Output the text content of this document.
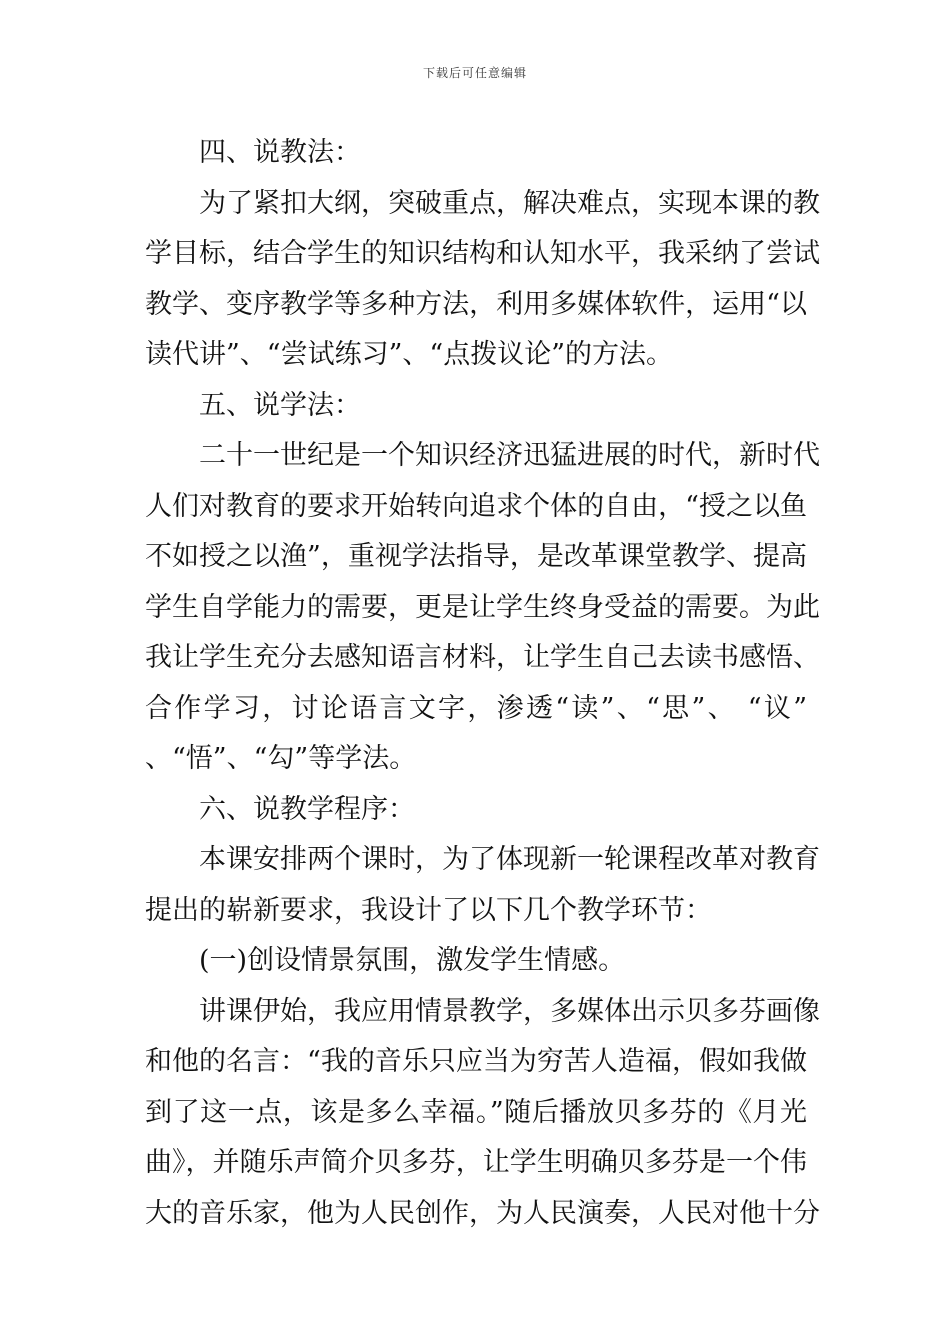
下载后可任意编辑
四、说教法：
为了紧扣大纲，突破重点，解决难点，实现本课的教
学目标，结合学生的知识结构和认知水平，我采纳了尝试
教学、变序教学等多种方法，利用多媒体软件，运用“以
读代讲”、“尝试练习”、“点拨议论”的方法。
五、说学法：
二十一世纪是一个知识经济迅猛进展的时代，新时代
人们对教育的要求开始转向追求个体的自由，“授之以鱼
不如授之以渔”，重视学法指导，是改革课堂教学、提高
学生自学能力的需要，更是让学生终身受益的需要。为此
我让学生充分去感知语言材料，让学生自己去读书感悟、
合作学习，讨论语言文字，渗透“读”、“思”、 “议”
、“悟”、“勾”等学法。
六、说教学程序：
本课安排两个课时，为了体现新一轮课程改革对教育
提出的崭新要求，我设计了以下几个教学环节：
(一)创设情景氛围，激发学生情感。
讲课伊始，我应用情景教学，多媒体出示贝多芬画像
和他的名言：“我的音乐只应当为穷苦人造福，假如我做
到了这一点，该是多么幸福。”随后播放贝多芬的《月光
曲》，并随乐声简介贝多芬，让学生明确贝多芬是一个伟
大的音乐家，他为人民创作，为人民演奏，人民对他十分
